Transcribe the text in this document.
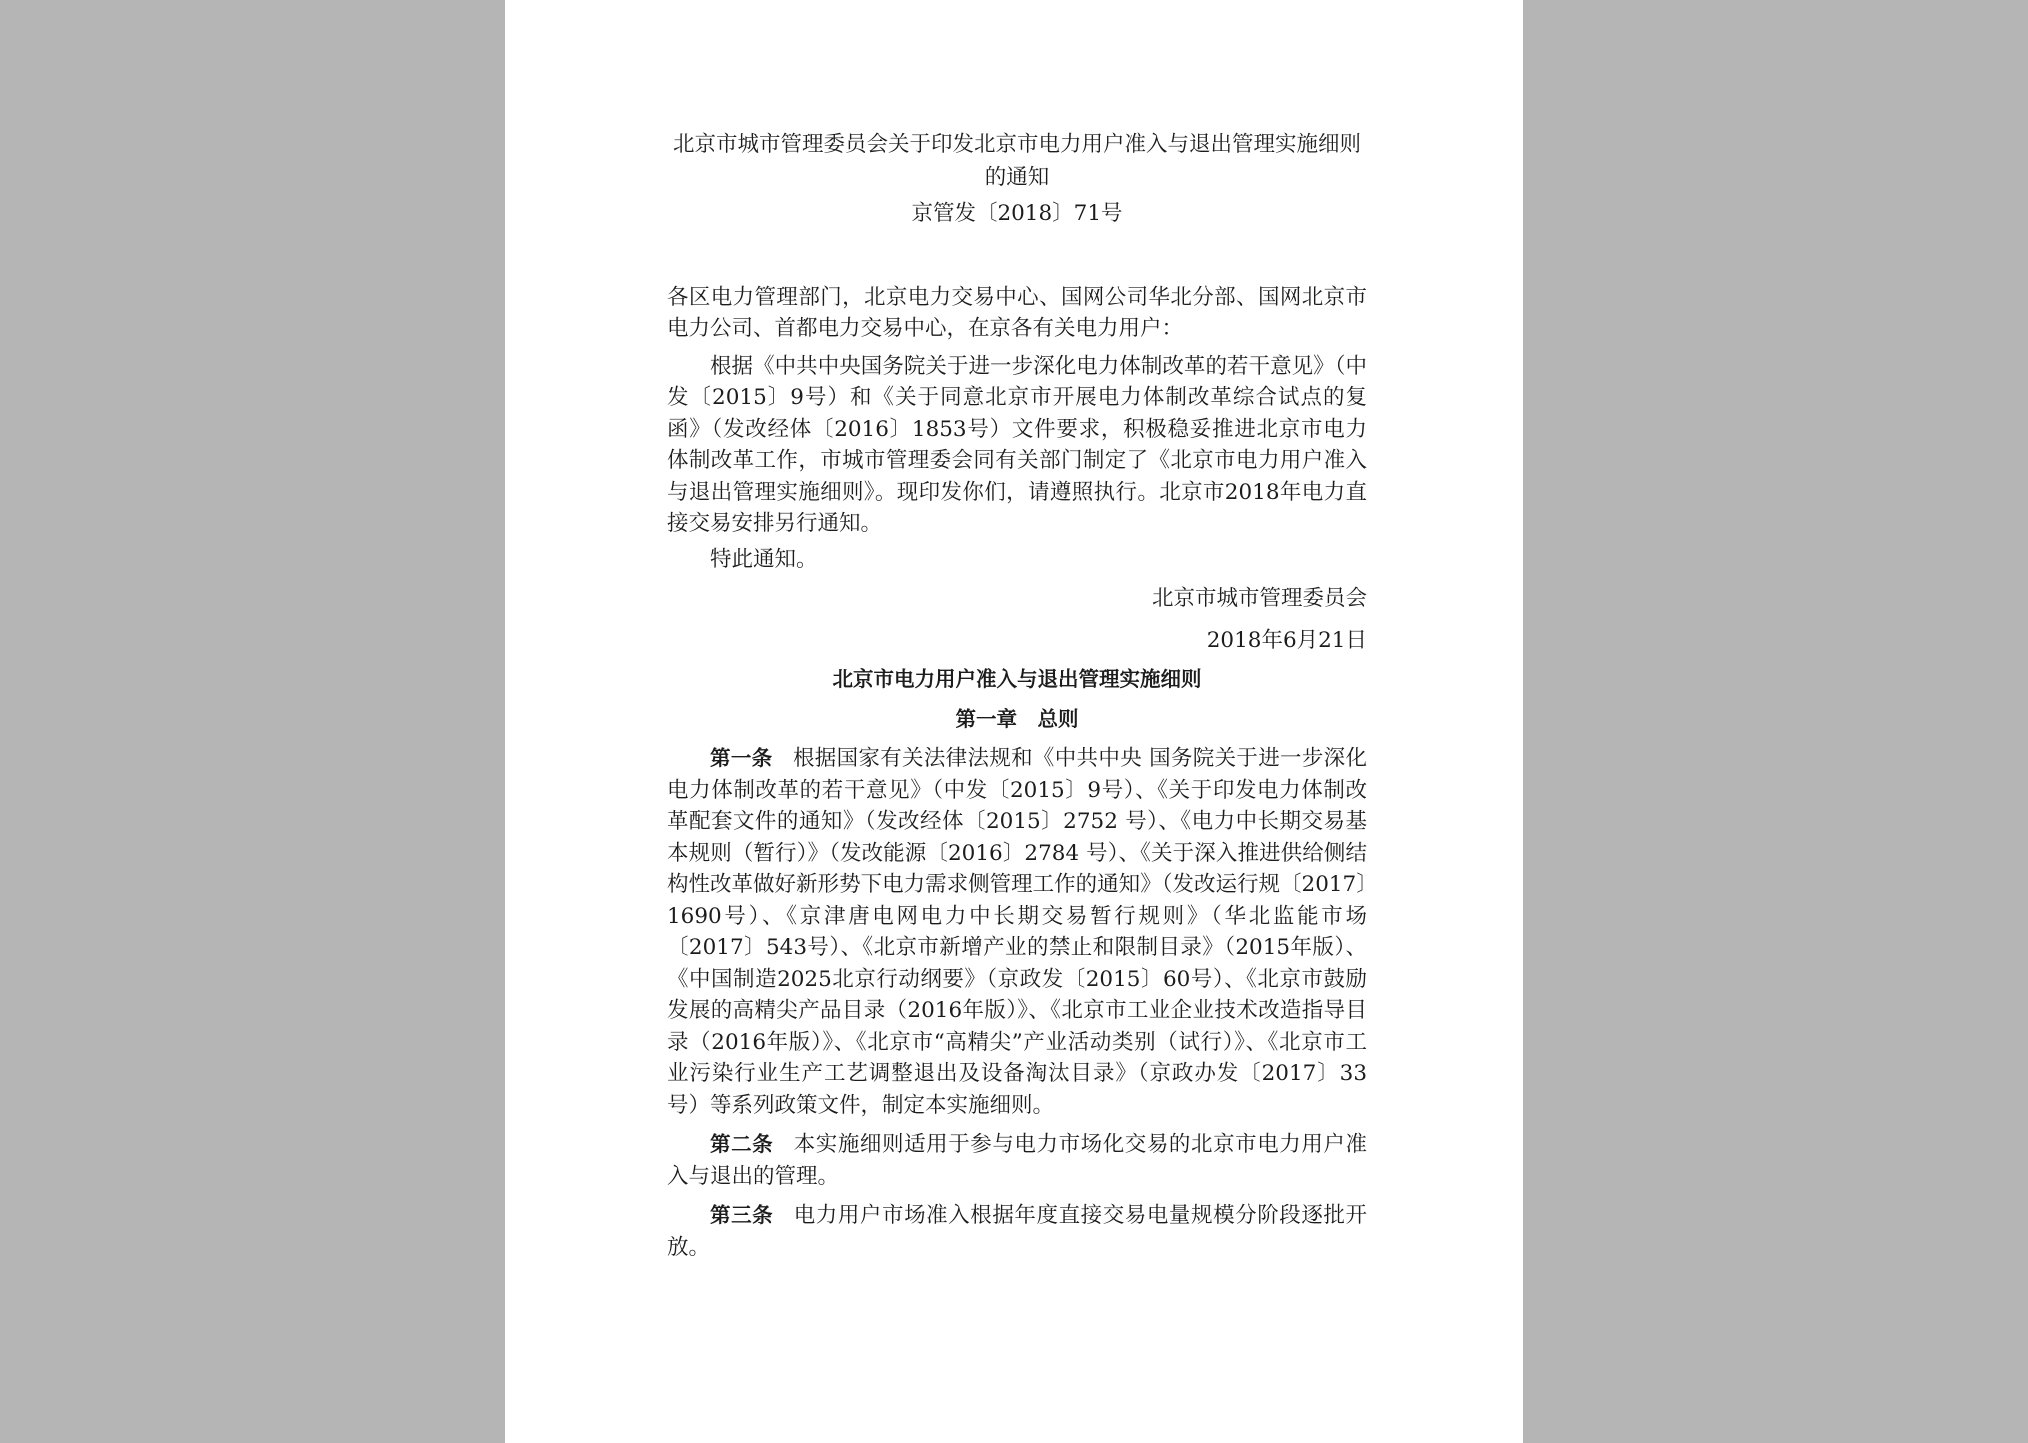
北京市城市管理委员会关于印发北京市电力用户准入与退出管理实施细则的通知

京管发〔2018〕71号

各区电力管理部门，北京电力交易中心、国网公司华北分部、国网北京市电力公司、首都电力交易中心，在京各有关电力用户：

根据《中共中央国务院关于进一步深化电力体制改革的若干意见》（中发〔2015〕9号）和《关于同意北京市开展电力体制改革综合试点的复函》（发改经体〔2016〕1853号）文件要求，积极稳妥推进北京市电力体制改革工作，市城市管理委会同有关部门制定了《北京市电力用户准入与退出管理实施细则》。现印发你们，请遵照执行。北京市2018年电力直接交易安排另行通知。

特此通知。

北京市城市管理委员会

2018年6月21日

北京市电力用户准入与退出管理实施细则
第一章　总则

第一条 根据国家有关法律法规和《中共中央 国务院关于进一步深化电力体制改革的若干意见》（中发〔2015〕9号）、《关于印发电力体制改革配套文件的通知》（发改经体〔2015〕2752 号）、《电力中长期交易基本规则（暂行）》（发改能源〔2016〕2784 号）、《关于深入推进供给侧结构性改革做好新形势下电力需求侧管理工作的通知》（发改运行规〔2017〕1690号）、《京津唐电网电力中长期交易暂行规则》（华北监能市场〔2017〕543号）、《北京市新增产业的禁止和限制目录》（2015年版）、《中国制造2025北京行动纲要》（京政发〔2015〕60号）、《北京市鼓励发展的高精尖产品目录（2016年版）》、《北京市工业企业技术改造指导目录（2016年版）》、《北京市“高精尖”产业活动类别（试行）》、《北京市工业污染行业生产工艺调整退出及设备淘汰目录》（京政办发〔2017〕33号）等系列政策文件，制定本实施细则。

第二条 本实施细则适用于参与电力市场化交易的北京市电力用户准入与退出的管理。

第三条 电力用户市场准入根据年度直接交易电量规模分阶段逐批开放。
